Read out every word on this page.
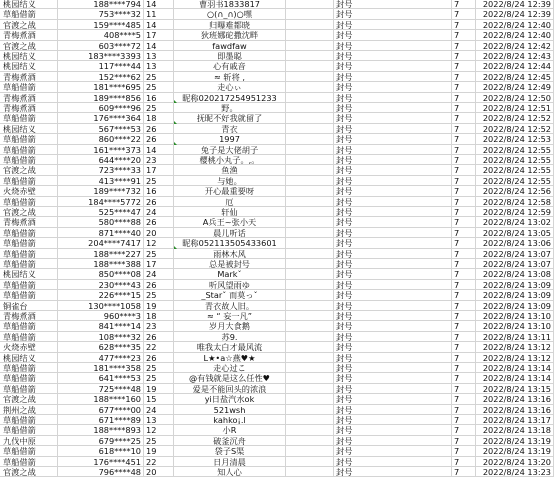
桃园结义	188****794 14	曹羽书1833817	封号	7	2022/8/24 12:39
草船借箭	753****32 11	○(∩_∩)○嘿	封号	7	2022/8/24 12:39
官渡之战	159****485 14	归曝难都晓	封号	7	2022/8/24 12:40
青梅煮酒	408****5 17	狄班娜砣撒沈畔	封号	7	2022/8/24 12:40
官渡之战	603****72 14	fawdfaw	封号	7	2022/8/24 12:42
桃园结义	183****3393 13	即墨聪	封号	7	2022/8/24 12:43
桃园结义	117****44 13	心有戚音	封号	7	2022/8/24 12:44
青梅煮酒	152****62 25	≈ 斩将 ,	封号	7	2022/8/24 12:45
草船借箭	181****695 25	走心ぃ	封号	7	2022/8/24 12:49
青梅煮酒	189****856 16	昵称0202172549​51233	封号	7	2022/8/24 12:50
青梅煮酒	609****96 25	野。	封号	7	2022/8/24 12:51
草船借箭	176****364 18	抚昵不好我就留了	封号	7	2022/8/24 12:52
桃园结义	567****53 26	青衣	封号	7	2022/8/24 12:52
草船借箭	860****22 26	1997	封号	7	2022/8/24 12:53
草船借箭	161****373 14	兔子是大佬胡子	封号	7	2022/8/24 12:55
草船借箭	644****20 23	樱桃小丸子。,。	封号	7	2022/8/24 12:55
官渡之战	723****33 17	鱼渔	封号	7	2022/8/24 12:55
草船借箭	413****91 25	与她。	封号	7	2022/8/24 12:55
火烧赤壁	189****732 16	开心最重要呀	封号	7	2022/8/24 12:56
草船借箭	184****5772 26	厄	封号	7	2022/8/24 12:58
官渡之战	525****47 24	轩仙	封号	7	2022/8/24 12:59
青梅煮酒	580****88 26	A兵王~张小天	封号	7	2022/8/24 13:02
草船借箭	871****40 20	晨儿听话	封号	7	2022/8/24 13:05
草船借箭	204****7417 12	昵称052113505433601	封号	7	2022/8/24 13:06
草船借箭	188****227 25	雨林木风	封号	7	2022/8/24 13:07
草船借箭	188****388 17	总是被封号	封号	7	2022/8/24 13:07
桃园结义	850****08 24	Markˇ	封号	7	2022/8/24 13:08
草船借箭	230****43 26	听风望雨ゆ	封号	7	2022/8/24 13:09
草船借箭	226****15 25	_Starˇ 而莫っˇ	封号	7	2022/8/24 13:09
铜雀台	130****1058 19	青衣故人旧。	封号	7	2022/8/24 13:09
青梅煮酒	960****3 18	≈ “ 妄一凡”	封号	7	2022/8/24 13:10
草船借箭	841****14 23	岁月大食鹅	封号	7	2022/8/24 13:10
草船借箭	108****32 26	苏9.	封号	7	2022/8/24 13:11
火烧赤壁	628****35 22	唯我太白才最风流	封号	7	2022/8/24 13:12
桃园结义	477****23 26	L★•a☆燕♥★	封号	7	2022/8/24 13:12
草船借箭	181****358 25	走心过こ	封号	7	2022/8/24 13:14
草船借箭	641****53 25	@有钱就是这么任性♥	封号	7	2022/8/24 13:14
草船借箭	725****48 19	爱是不能回头的浓浪	封号	7	2022/8/24 13:15
官渡之战	188****160 15	yi日盐汽水ok	封号	7	2022/8/24 13:16
荆州之战	677****00 24	521wsh	封号	7	2022/8/24 13:16
草船借箭	671****89 13	kahko¡.l	封号	7	2022/8/24 13:17
草船借箭	188****893 12	小R	封号	7	2022/8/24 13:18
九伐中原	679****25 25	破釜沉舟	封号	7	2022/8/24 13:19
草船借箭	618****10 19	袋子S渠	封号	7	2022/8/24 13:19
草船借箭	176****451 22	日月清晨	封号	7	2022/8/24 13:20
官渡之战	796****48 20	知人心	封号	7	2022/8/24 13:23
